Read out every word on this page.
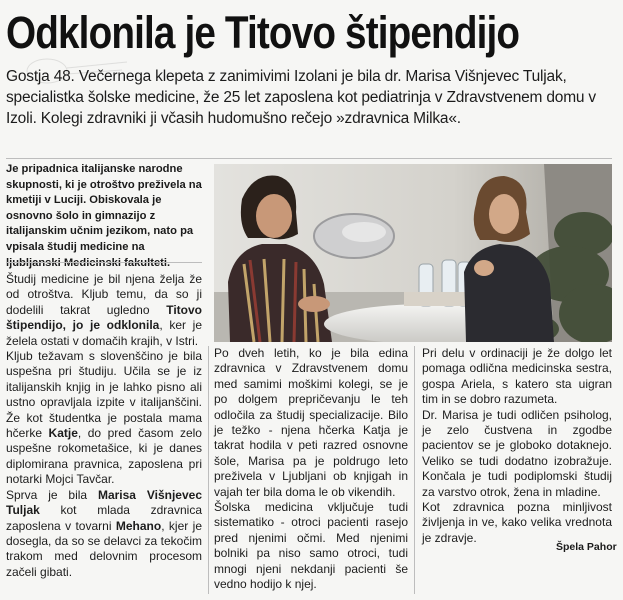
Odklonila je Titovo štipendijo
Gostja 48. Večernega klepeta z zanimivimi Izolani je bila dr. Marisa Višnjevec Tuljak, specialistka šolske medicine, že 25 let zaposlena kot pediatrinja v Zdravstvenem domu v Izoli. Kolegi zdravniki ji včasih hudomušno rečejo »zdravnica Milka«.
Je pripadnica italijanske narodne skupnosti, ki je otroštvo preživela na kmetiji v Luciji. Obiskovala je osnovno šolo in gimnazijo z italijanskim učnim jezikom, nato pa vpisala študij medicine na

Študij medicine je bil njena želja že od otroštva. Kljub temu, da so ji dodelili takrat ugledno Titovo štipendijo, jo je odklonila, ker je želela ostati v domačih krajih, v Istri.

Kljub težavam s slovenščino je bila uspešna pri študiju. Učila se je iz italijanskih knjig in je lahko pisno ali ustno opravljala izpite v italijanščini. Že kot študentka je postala mama hčerke Katje, do pred časom zelo uspešne rokometašice, ki je danes diplomirana pravnica, zaposlena pri notarki Mojci Tavčar.

Sprva je bila Marisa Višnjevec Tuljak kot mlada zdravnica zaposlena v tovarni Mehano, kjer je dosegla, da so se delavci za tekočim trakom med delovnim procesom začeli gibati.

Po dveh letih, ko je bila edina zdravnica v Zdravstvenem domu med samimi moškimi kolegi, se je po dolgem prepričevanju le teh odločila za študij specializacije. Bilo je težko - njena hčerka Katja je takrat hodila v peti razred osnovne šole, Marisa pa je poldrugo leto preživela v Ljubljani ob knjigah in vajah ter bila doma le ob vikendih.

Šolska medicina vključuje tudi sistematiko - otroci pacienti rasejo pred njenimi očmi. Med njenimi bolniki pa niso samo otroci, tudi mnogi njeni nekdanji pacienti še vedno hodijo k njej.

Pri delu v ordinaciji je že dolgo let pomaga odlična medicinska sestra, gospa Ariela, s katero sta uigran tim in se dobro razumeta.

Dr. Marisa je tudi odličen psiholog, je zelo čustvena in zgodbe pacientov se je globoko dotaknejo. Veliko se tudi dodatno izobražuje. Končala je tudi podiplomski študij za varstvo otrok, žena in mladine.

Kot zdravnica pozna minljivost življenja in ve, kako velika vrednota je zdravje.

Špela Pahor
